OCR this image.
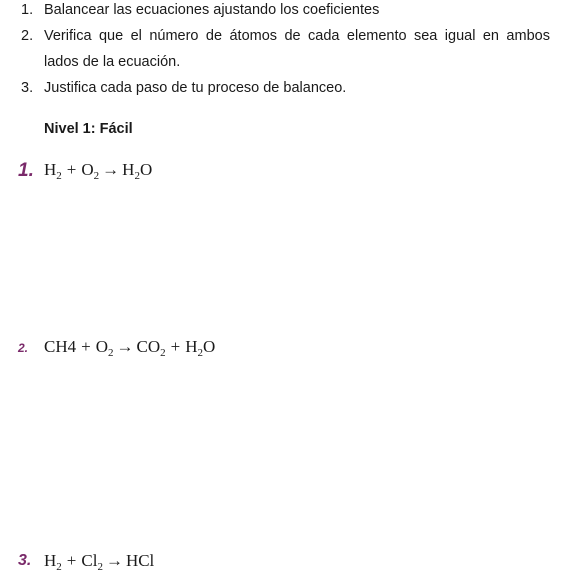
1. Balancear las ecuaciones ajustando los coeficientes
2. Verifica que el número de átomos de cada elemento sea igual en ambos
lados de la ecuación.
3. Justifica cada paso de tu proceso de balanceo.
Nivel 1: Fácil
1. $H_2 + O_2 \to H_2O$
2. $CH4 + O_2 \to CO_2 + H_2O$
3. $H_2 + Cl_2$ → HCl
